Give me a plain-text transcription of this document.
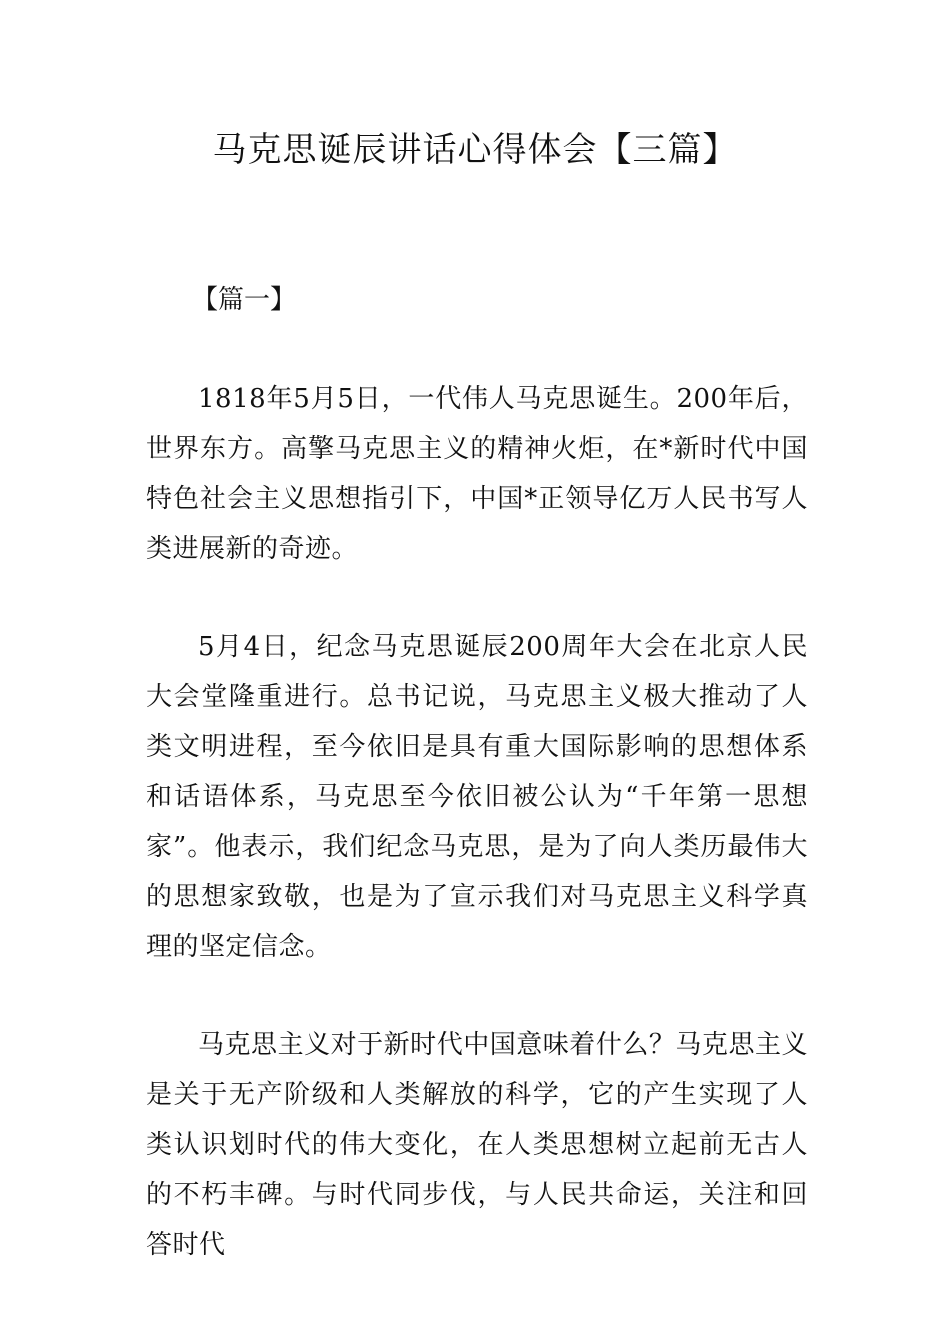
马克思诞辰讲话心得体会【三篇】
【篇一】

1818年5月5日，一代伟人马克思诞生。200年后，世界东方。高擎马克思主义的精神火炬，在*新时代中国特色社会主义思想指引下，中国*正领导亿万人民书写人类进展新的奇迹。

5月4日，纪念马克思诞辰200周年大会在北京人民大会堂隆重进行。总书记说，马克思主义极大推动了人类文明进程，至今依旧是具有重大国际影响的思想体系和话语体系，马克思至今依旧被公认为“千年第一思想家”。他表示，我们纪念马克思，是为了向人类历最伟大的思想家致敬，也是为了宣示我们对马克思主义科学真理的坚定信念。

马克思主义对于新时代中国意味着什么？马克思主义是关于无产阶级和人类解放的科学，它的产生实现了人类认识划时代的伟大变化，在人类思想树立起前无古人的不朽丰碑。与时代同步伐，与人民共命运，关注和回答时代
